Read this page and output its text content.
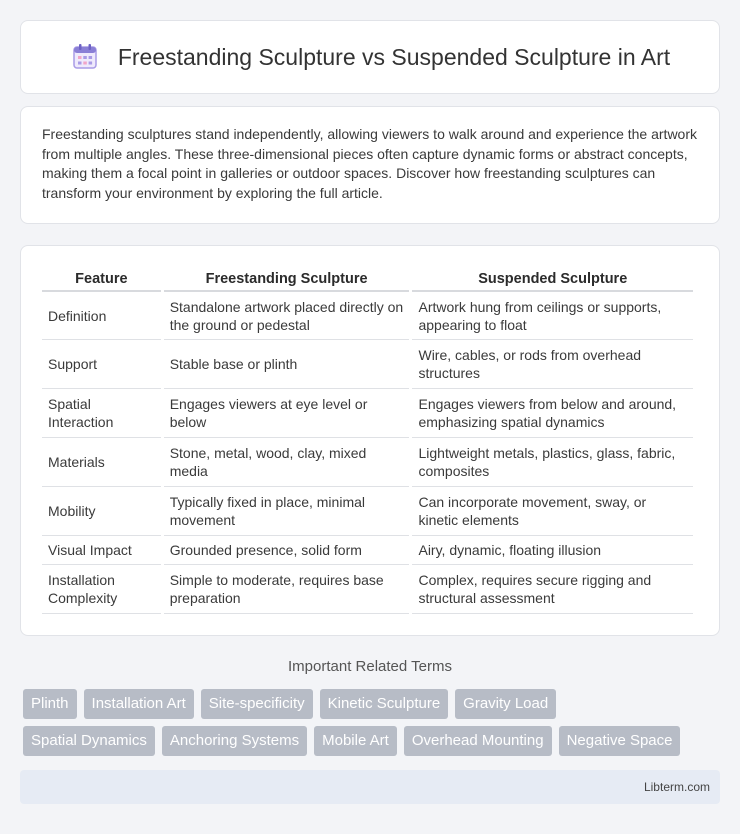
Freestanding Sculpture vs Suspended Sculpture in Art

Freestanding sculptures stand independently, allowing viewers to walk around and experience the artwork from multiple angles. These three-dimensional pieces often capture dynamic forms or abstract concepts, making them a focal point in galleries or outdoor spaces. Discover how freestanding sculptures can transform your environment by exploring the full article.

Feature	Freestanding Sculpture	Suspended Sculpture
Definition	Standalone artwork placed directly on the ground or pedestal	Artwork hung from ceilings or supports, appearing to float
Support	Stable base or plinth	Wire, cables, or rods from overhead structures
Spatial Interaction	Engages viewers at eye level or below	Engages viewers from below and around, emphasizing spatial dynamics
Materials	Stone, metal, wood, clay, mixed media	Lightweight metals, plastics, glass, fabric, composites
Mobility	Typically fixed in place, minimal movement	Can incorporate movement, sway, or kinetic elements
Visual Impact	Grounded presence, solid form	Airy, dynamic, floating illusion
Installation Complexity	Simple to moderate, requires base preparation	Complex, requires secure rigging and structural assessment
Important Related Terms
Plinth	Installation Art	Site-specificity	Kinetic Sculpture	Gravity Load
Spatial Dynamics	Anchoring Systems	Mobile Art	Overhead Mounting	Negative Space
Libterm.com
